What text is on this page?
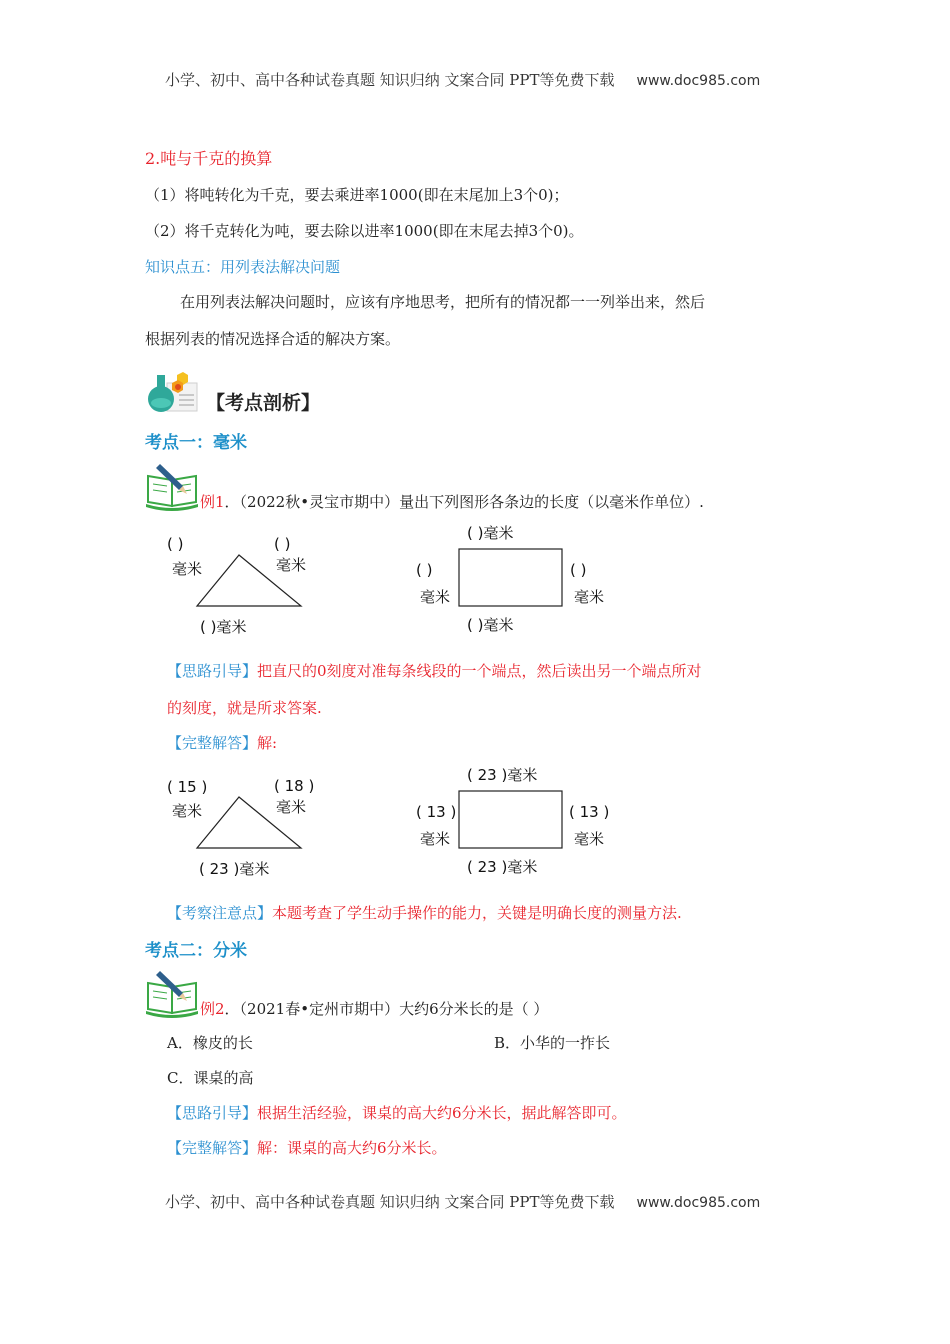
小学、初中、高中各种试卷真题 知识归纳 文案合同 PPT等免费下载 www.doc985.com
2.吨与千克的换算
（1）将吨转化为千克，要去乘进率1000(即在末尾加上3个0)；
（2）将千克转化为吨，要去除以进率1000(即在末尾去掉3个0)。
知识点五：用列表法解决问题
在用列表法解决问题时，应该有序地思考，把所有的情况都一一列举出来，然后
根据列表的情况选择合适的解决方案。
【考点剖析】
考点一：毫米
例1．（2022秋•灵宝市期中）量出下列图形各条边的长度（以毫米作单位）.
( )
毫米
( )
毫米
( )毫米
( )毫米
( )
毫米
( )
毫米
( )毫米
【思路引导】把直尺的0刻度对准每条线段的一个端点，然后读出另一个端点所对
的刻度，就是所求答案.
【完整解答】解:
( 15 )
毫米
( 18 )
毫米
( 23 )毫米
( 23 )毫米
( 13 )
毫米
( 13 )
毫米
( 23 )毫米
【考察注意点】本题考查了学生动手操作的能力，关键是明确长度的测量方法.
考点二：分米
例2．（2021春•定州市期中）大约6分米长的是（ ）
A．橡皮的长	B．小华的一拃长
C．课桌的高
【思路引导】根据生活经验，课桌的高大约6分米长，据此解答即可。
【完整解答】解：课桌的高大约6分米长。
小学、初中、高中各种试卷真题 知识归纳 文案合同 PPT等免费下载 www.doc985.com
